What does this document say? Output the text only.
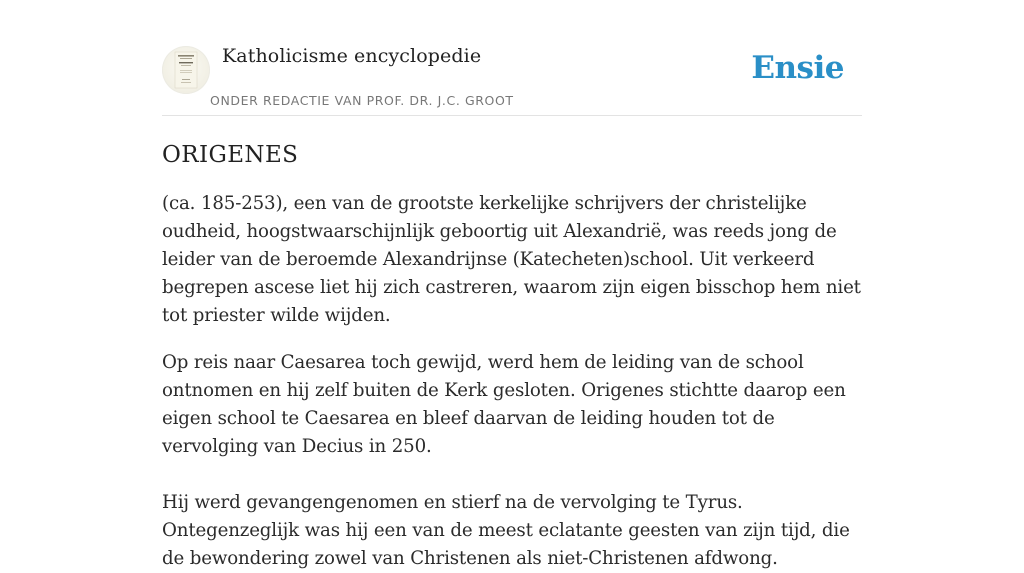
Katholicisme encyclopedie
ONDER REDACTIE VAN PROF. DR. J.C. GROOT
Ensie
ORIGENES

(ca. 185-253), een van de grootste kerkelijke schrijvers der christelijke oudheid, hoogstwaarschijnlijk geboortig uit Alexandrië, was reeds jong de leider van de beroemde Alexandrijnse (Katecheten)school. Uit verkeerd begrepen ascese liet hij zich castreren, waarom zijn eigen bisschop hem niet tot priester wilde wijden.

Op reis naar Caesarea toch gewijd, werd hem de leiding van de school ontnomen en hij zelf buiten de Kerk gesloten. Origenes stichtte daarop een eigen school te Caesarea en bleef daarvan de leiding houden tot de vervolging van Decius in 250.

Hij werd gevangengenomen en stierf na de vervolging te Tyrus. Ontegenzeglijk was hij een van de meest eclatante geesten van zijn tijd, die de bewondering zowel van Christenen als niet-Christenen afdwong.
